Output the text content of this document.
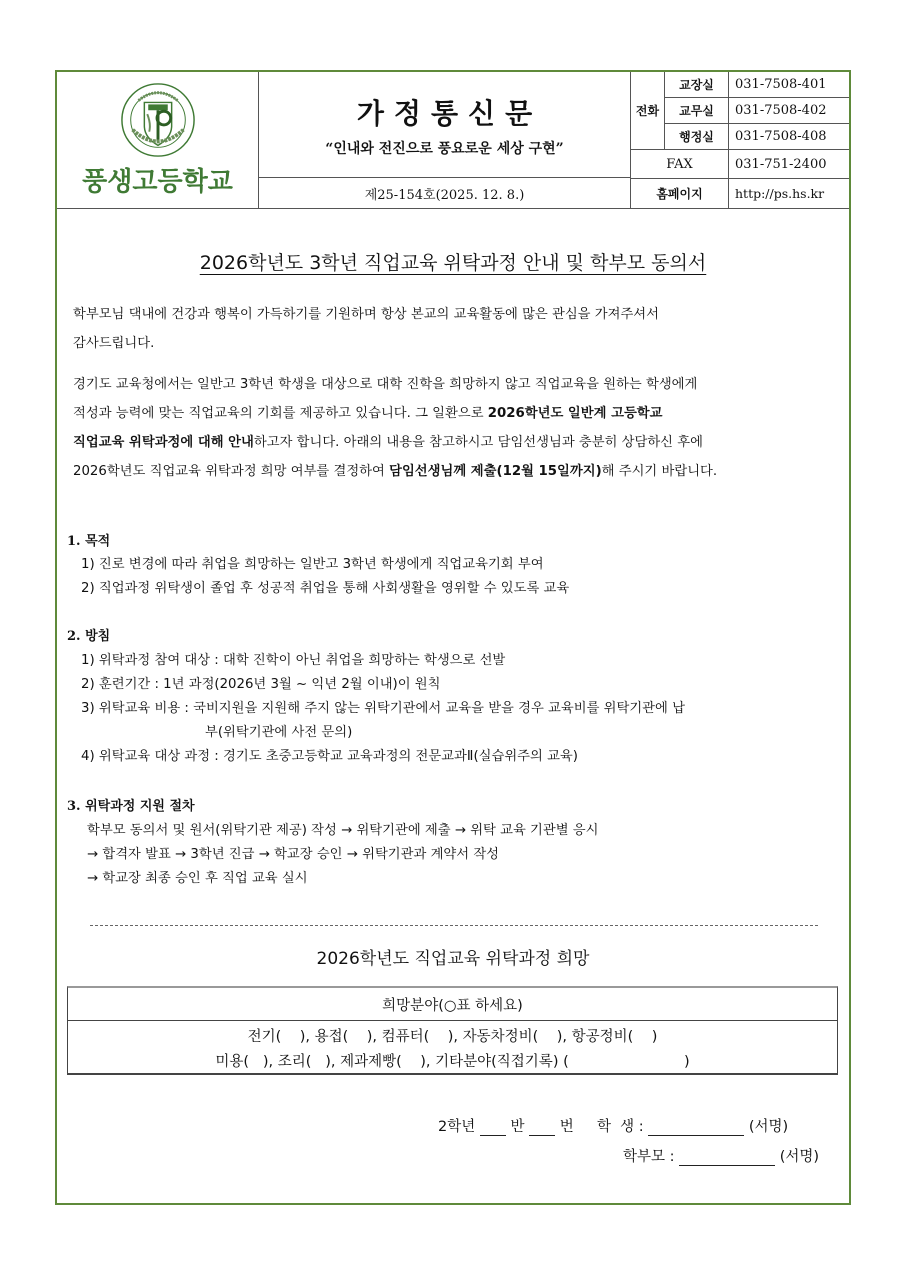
풍생고등학교
가정통신문
“인내와 전진으로 풍요로운 세상 구현”
제25-154호(2025. 12. 8.)
전화
교장실	031-7508-401
교무실	031-7508-402
행정실	031-7508-408
FAX	031-751-2400
홈페이지	http://ps.hs.kr
2026학년도 3학년 직업교육 위탁과정 안내 및 학부모 동의서
학부모님 댁내에 건강과 행복이 가득하기를 기원하며 항상 본교의 교육활동에 많은 관심을 가져주셔서
감사드립니다.
경기도 교육청에서는 일반고 3학년 학생을 대상으로 대학 진학을 희망하지 않고 직업교육을 원하는 학생에게
적성과 능력에 맞는 직업교육의 기회를 제공하고 있습니다. 그 일환으로 2026학년도 일반계 고등학교
직업교육 위탁과정에 대해 안내하고자 합니다. 아래의 내용을 참고하시고 담임선생님과 충분히 상담하신 후에
2026학년도 직업교육 위탁과정 희망 여부를 결정하여 담임선생님께 제출(12월 15일까지)해 주시기 바랍니다.
1. 목적
1) 진로 변경에 따라 취업을 희망하는 일반고 3학년 학생에게 직업교육기회 부여
2) 직업과정 위탁생이 졸업 후 성공적 취업을 통해 사회생활을 영위할 수 있도록 교육
2. 방침
1) 위탁과정 참여 대상 : 대학 진학이 아닌 취업을 희망하는 학생으로 선발
2) 훈련기간 : 1년 과정(2026년 3월 ~ 익년 2월 이내)이 원칙
3) 위탁교육 비용 : 국비지원을 지원해 주지 않는 위탁기관에서 교육을 받을 경우 교육비를 위탁기관에 납
부(위탁기관에 사전 문의)
4) 위탁교육 대상 과정 : 경기도 초중고등학교 교육과정의 전문교과Ⅱ(실습위주의 교육)
3. 위탁과정 지원 절차
학부모 동의서 및 원서(위탁기관 제공) 작성 → 위탁기관에 제출 → 위탁 교육 기관별 응시
→ 합격자 발표 → 3학년 진급 → 학교장 승인 → 위탁기관과 계약서 작성
→ 학교장 최종 승인 후 직업 교육 실시
2026학년도 직업교육 위탁과정 희망
희망분야(○표 하세요)
전기(    ), 용접(    ), 컴퓨터(    ), 자동차정비(    ), 항공정비(    )
미용(   ), 조리(   ), 제과제빵(    ), 기타분야(직접기록) (                         )
2학년 반 번 학  생 :	(서명)
학부모 :	(서명)
